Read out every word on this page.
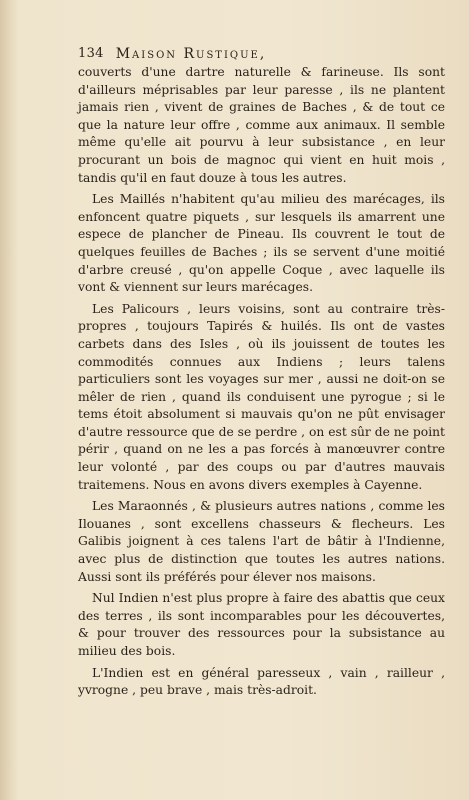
134 Maison Rustique,

couverts d'une dartre naturelle & farineuse. Ils sont d'ailleurs méprisables par leur paresse , ils ne plantent jamais rien , vivent de graines de Baches , & de tout ce que la nature leur offre , comme aux animaux. Il semble même qu'elle ait pourvu à leur subsistance , en leur procurant un bois de magnoc qui vient en huit mois , tandis qu'il en faut douze à tous les autres.

Les Maillés n'habitent qu'au milieu des marécages, ils enfoncent quatre piquets , sur lesquels ils amarrent une espece de plancher de Pineau. Ils couvrent le tout de quelques feuilles de Baches ; ils se servent d'une moitié d'arbre creusé , qu'on appelle Coque , avec laquelle ils vont & viennent sur leurs marécages.

Les Palicours , leurs voisins, sont au contraire très-propres , toujours Tapirés & huilés. Ils ont de vastes carbets dans des Isles , où ils jouissent de toutes les commodités connues aux Indiens ; leurs talens particuliers sont les voyages sur mer , aussi ne doit-on se mêler de rien , quand ils conduisent une pyrogue ; si le tems étoit absolument si mauvais qu'on ne pût envisager d'autre ressource que de se perdre , on est sûr de ne point périr , quand on ne les a pas forcés à manœuvrer contre leur volonté , par des coups ou par d'autres mauvais traitemens. Nous en avons divers exemples à Cayenne.

Les Maraonnés , & plusieurs autres nations , comme les Ilouanes , sont excellens chasseurs & flecheurs. Les Galibis joignent à ces talens l'art de bâtir à l'Indienne, avec plus de distinction que toutes les autres nations. Aussi sont ils préférés pour élever nos maisons.

Nul Indien n'est plus propre à faire des abattis que ceux des terres , ils sont incomparables pour les découvertes, & pour trouver des ressources pour la subsistance au milieu des bois.

L'Indien est en général paresseux , vain , railleur , yvrogne , peu brave , mais très-adroit.
